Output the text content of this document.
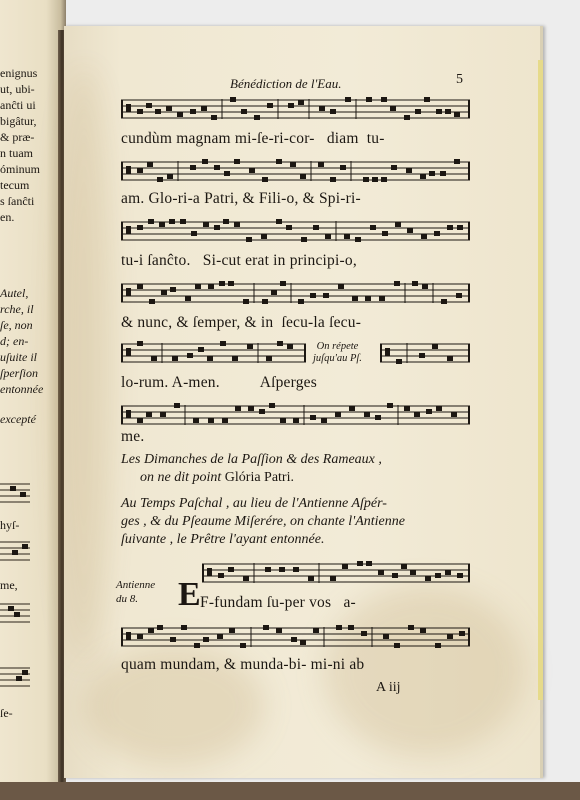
enignus
ut, ubi-
anĉti ui
bigâtur,
& præ-
n tuam
óminum
tecum
s ſanĉti
en.
Autel,
rche, il
ſe, non
d; en-
uſuite il
ſperſion
entonnée
excepté
hyſ-
me,
ſe-
Bénédiction de l'Eau.	5
cundùm magnam mi-ſe-ri-cor-   diam  tu-
am. Glo-ri-a Patri, & Fili-o, & Spi-ri-
tu-i ſanĉto.   Si-cut erat in principi-o,
& nunc, & ſemper, & in  ſecu-la ſecu-
On répete
juſqu'au Pſ.
lo-rum. A-men.          Aſperges
me.
Les Dimanches de la Paſſion & des Rameaux ,
on ne dit point Glória Patri.
Au Temps Paſchal , au lieu de l'Antienne Aſpér-
ges , & du Pſeaume Miſerére, on chante l'Antienne
ſuivante , le Prêtre l'ayant entonnée.
Antienne
du 8.	E F-fundam ſu-per vos   a-
quam mundam, & munda-bi- mi-ni ab
A iij
